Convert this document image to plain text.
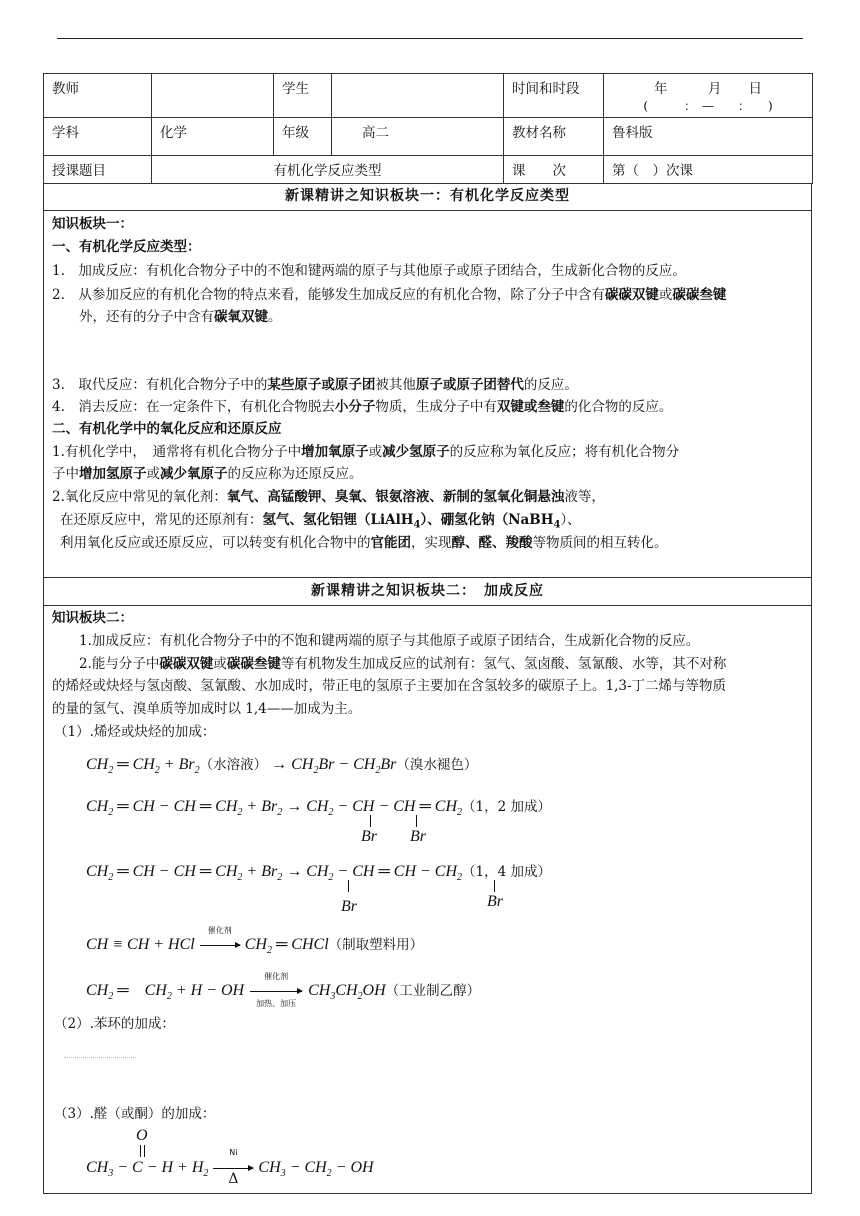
教师		学生		时间和时段	年　　　月　　日
(　　　：　—　　：　　)

学科	化学	年级	高二	教材名称	鲁科版
授课题目	有机化学反应类型			课　　次	第（　）次课
新课精讲之知识板块一：有机化学反应类型
知识板块一：
一、有机化学反应类型：
1.　加成反应：有机化合物分子中的不饱和键两端的原子与其他原子或原子团结合，生成新化合物的反应。
2.　从参加反应的有机化合物的特点来看，能够发生加成反应的有机化合物，除了分子中含有碳碳双键或碳碳叁键
外，还有的分子中含有碳氧双键。
3.　取代反应：有机化合物分子中的某些原子或原子团被其他原子或原子团替代的反应。
4.　消去反应：在一定条件下，有机化合物脱去小分子物质，生成分子中有双键或叁键的化合物的反应。
二、有机化学中的氧化反应和还原反应
1.有机化学中，　通常将有机化合物分子中增加氧原子或减少氢原子的反应称为氧化反应；将有机化合物分
子中增加氢原子或减少氧原子的反应称为还原反应。
2.氧化反应中常见的氧化剂：氧气、高锰酸钾、臭氧、银氨溶液、新制的氢氧化铜悬浊液等，
在还原反应中，常见的还原剂有：氢气、氢化铝锂（LiAlH$_4$）、硼氢化钠（NaBH$_4$）、
利用氧化反应或还原反应，可以转变有机化合物中的官能团，实现醇、醛、羧酸等物质间的相互转化。
新课精讲之知识板块二：　加成反应
知识板块二：
1.加成反应：有机化合物分子中的不饱和键两端的原子与其他原子或原子团结合，生成新化合物的反应。
2.能与分子中碳碳双键或碳碳叁键等有机物发生加成反应的试剂有：氢气、氢卤酸、氢氰酸、水等，其不对称
的烯烃或炔烃与氢卤酸、氢氰酸、水加成时，带正电的氢原子主要加在含氢较多的碳原子上。1,3-丁二烯与等物质
的量的氢气、溴单质等加成时以 1,4——加成为主。
（1）.烯烃或炔烃的加成：
$CH_2$ ═ $CH_2 + Br_2$（水溶液） → $CH_2Br - CH_2Br$（溴水褪色）
$CH_2$ ═ CH − CH ═ $CH_2 + Br_2 \to CH_2$ − CH − CH ═ $CH_2(1$，2 加成）
Br Br
$CH_2$ ═ CH − CH ═ $CH_2 + Br_2 \to CH_2$ − CH ═ CH − $CH_2(1$，4 加成）
Br	Br
CH ≡ CH + HCl
催化剂
$CH_2$ ═ CHCl（制取塑料用）
$CH_2$ ═　$CH_2 + H$ − OH
催化剂
加热、加压
$CH_3CH_2OH$（工业制乙醇）
（2）.苯环的加成：
（3）.醛（或酮）的加成：
O
$CH_3 - C - H + H_2$
Ni
Δ
$CH_3 - CH_2$ − OH
